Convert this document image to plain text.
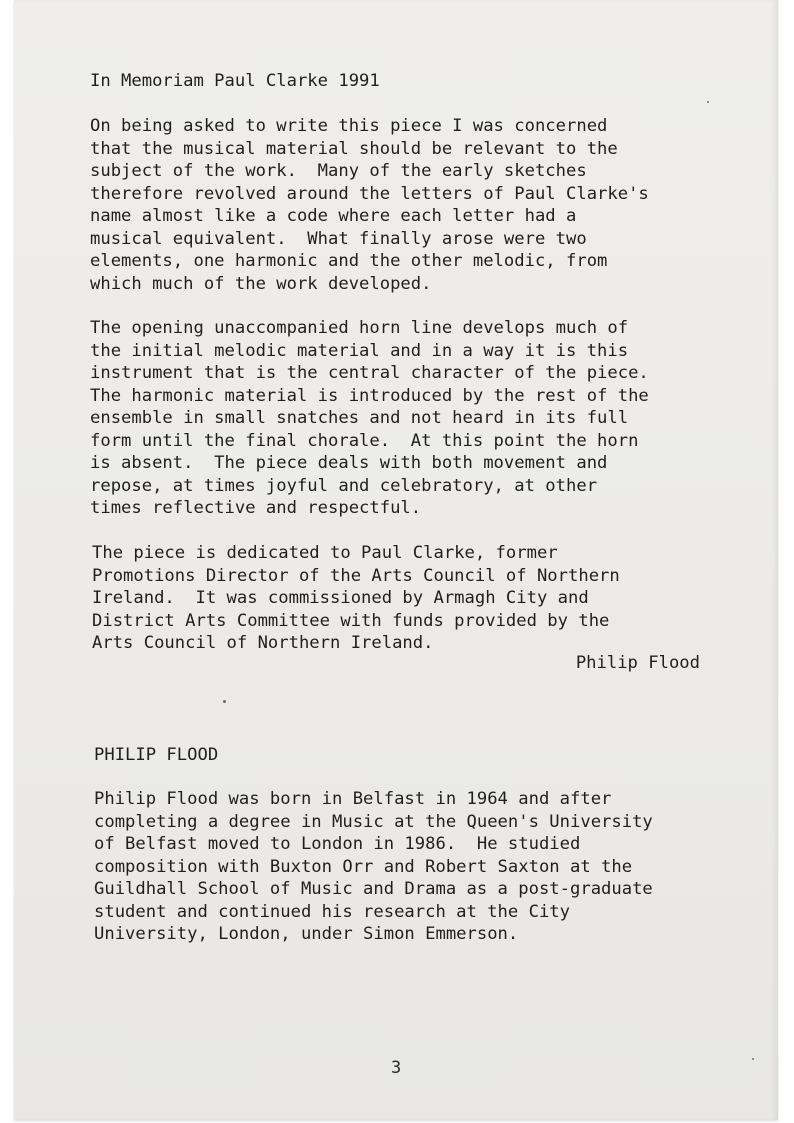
In Memoriam Paul Clarke 1991

On being asked to write this piece I was concerned
that the musical material should be relevant to the
subject of the work.  Many of the early sketches
therefore revolved around the letters of Paul Clarke's
name almost like a code where each letter had a
musical equivalent.  What finally arose were two
elements, one harmonic and the other melodic, from
which much of the work developed.

The opening unaccompanied horn line develops much of
the initial melodic material and in a way it is this
instrument that is the central character of the piece.
The harmonic material is introduced by the rest of the
ensemble in small snatches and not heard in its full
form until the final chorale.  At this point the horn
is absent.  The piece deals with both movement and
repose, at times joyful and celebratory, at other
times reflective and respectful.

The piece is dedicated to Paul Clarke, former
Promotions Director of the Arts Council of Northern
Ireland.  It was commissioned by Armagh City and
District Arts Committee with funds provided by the
Arts Council of Northern Ireland.

Philip Flood

PHILIP FLOOD

Philip Flood was born in Belfast in 1964 and after
completing a degree in Music at the Queen's University
of Belfast moved to London in 1986.  He studied
composition with Buxton Orr and Robert Saxton at the
Guildhall School of Music and Drama as a post-graduate
student and continued his research at the City
University, London, under Simon Emmerson.

3
